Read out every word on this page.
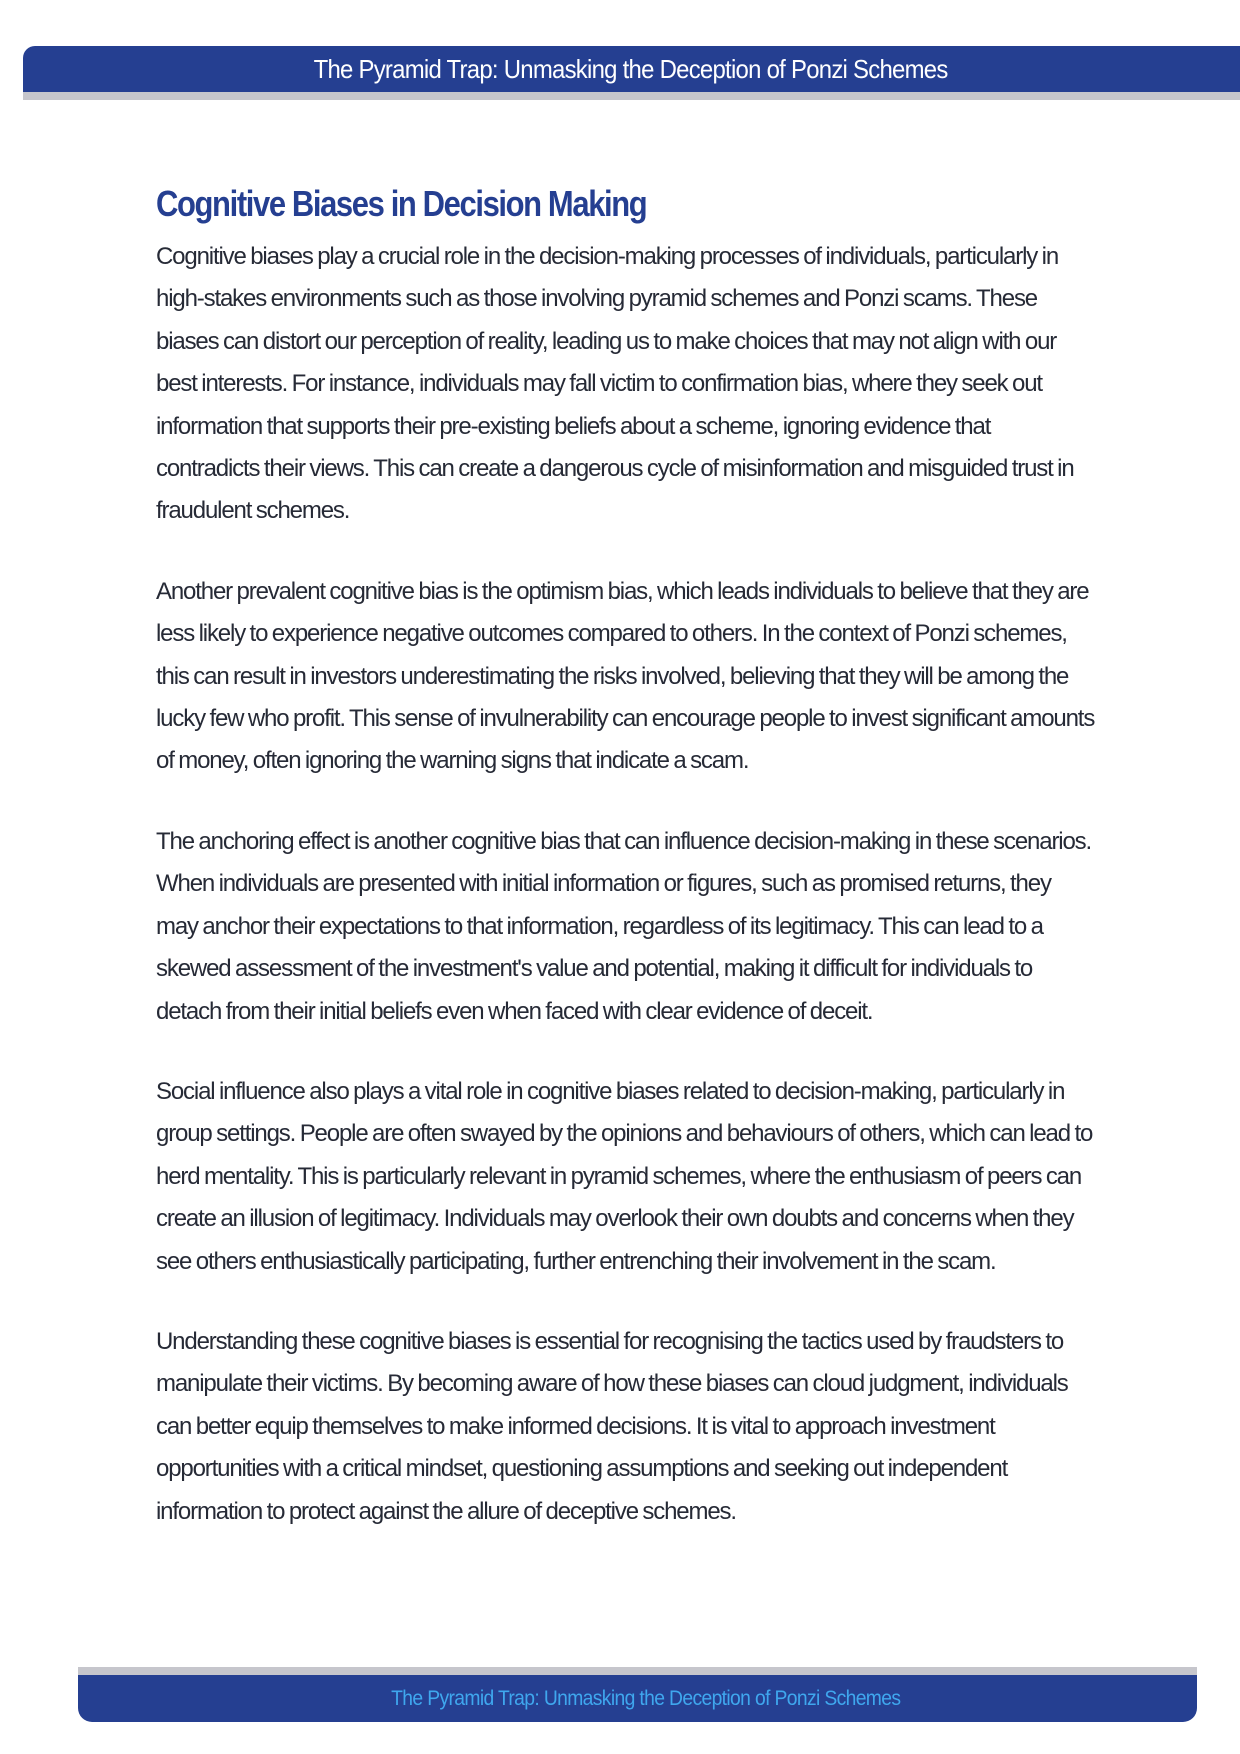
The Pyramid Trap: Unmasking the Deception of Ponzi Schemes
Cognitive Biases in Decision Making

Cognitive biases play a crucial role in the decision-making processes of individuals, particularly in high-stakes environments such as those involving pyramid schemes and Ponzi scams. These biases can distort our perception of reality, leading us to make choices that may not align with our best interests. For instance, individuals may fall victim to confirmation bias, where they seek out information that supports their pre-existing beliefs about a scheme, ignoring evidence that contradicts their views. This can create a dangerous cycle of misinformation and misguided trust in fraudulent schemes.

Another prevalent cognitive bias is the optimism bias, which leads individuals to believe that they are less likely to experience negative outcomes compared to others. In the context of Ponzi schemes, this can result in investors underestimating the risks involved, believing that they will be among the lucky few who profit. This sense of invulnerability can encourage people to invest significant amounts of money, often ignoring the warning signs that indicate a scam.

The anchoring effect is another cognitive bias that can influence decision-making in these scenarios. When individuals are presented with initial information or figures, such as promised returns, they may anchor their expectations to that information, regardless of its legitimacy. This can lead to a skewed assessment of the investment's value and potential, making it difficult for individuals to detach from their initial beliefs even when faced with clear evidence of deceit.

Social influence also plays a vital role in cognitive biases related to decision-making, particularly in group settings. People are often swayed by the opinions and behaviours of others, which can lead to herd mentality. This is particularly relevant in pyramid schemes, where the enthusiasm of peers can create an illusion of legitimacy. Individuals may overlook their own doubts and concerns when they see others enthusiastically participating, further entrenching their involvement in the scam.

Understanding these cognitive biases is essential for recognising the tactics used by fraudsters to manipulate their victims. By becoming aware of how these biases can cloud judgment, individuals can better equip themselves to make informed decisions. It is vital to approach investment opportunities with a critical mindset, questioning assumptions and seeking out independent information to protect against the allure of deceptive schemes.

The Pyramid Trap: Unmasking the Deception of Ponzi Schemes
